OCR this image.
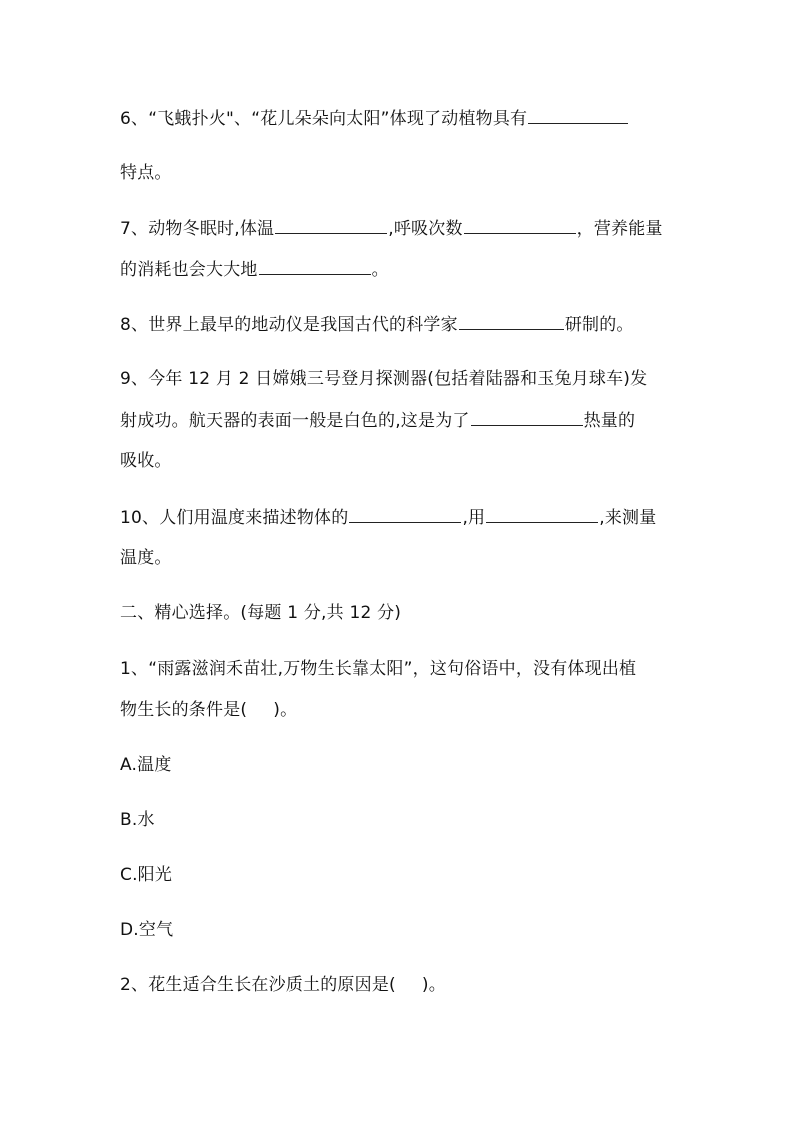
6、“飞蛾扑火"、“花儿朵朵向太阳”体现了动植物具有
特点。
7、动物冬眠时,体温	,呼吸次数	，营养能量
的消耗也会大大地	。
8、世界上最早的地动仪是我国古代的科学家	研制的。
9、今年 12 月 2 日嫦娥三号登月探测器(包括着陆器和玉兔月球车)发
射成功。航天器的表面一般是白色的,这是为了	热量的
吸收。
10、人们用温度来描述物体的	,用	,来测量
温度。
二、精心选择。(每题 1 分,共 12 分)
1、“雨露滋润禾苗壮,万物生长靠太阳”，这句俗语中，没有体现出植
物生长的条件是( )。
A.温度
B.水
C.阳光
D.空气
2、花生适合生长在沙质土的原因是( )。
